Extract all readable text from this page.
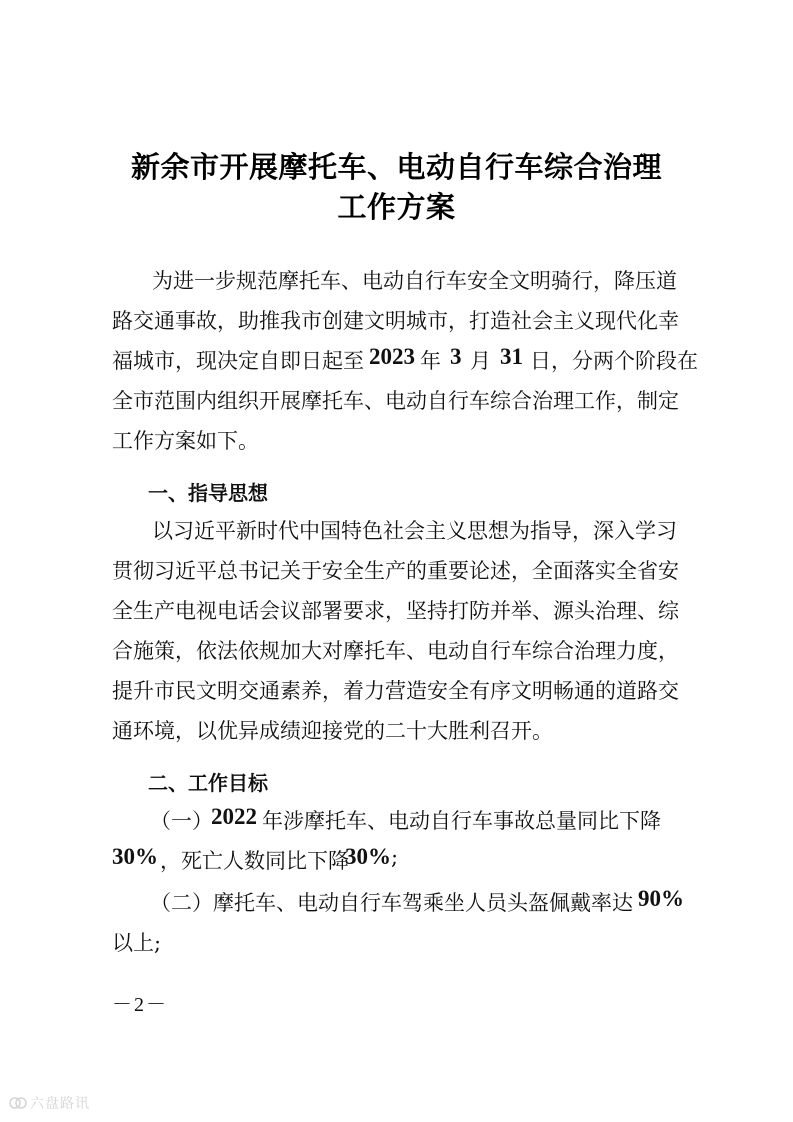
新余市开展摩托车、电动自行车综合治理
工作方案
为进一步规范摩托车、电动自行车安全文明骑行，降压道
路交通事故，助推我市创建文明城市，打造社会主义现代化幸
福城市，现决定自即日起至 2023 年 3 月 31 日，分两个阶段在
全市范围内组织开展摩托车、电动自行车综合治理工作，制定
工作方案如下。
一、指导思想
以习近平新时代中国特色社会主义思想为指导，深入学习
贯彻习近平总书记关于安全生产的重要论述，全面落实全省安
全生产电视电话会议部署要求，坚持打防并举、源头治理、综
合施策，依法依规加大对摩托车、电动自行车综合治理力度，
提升市民文明交通素养，着力营造安全有序文明畅通的道路交
通环境，以优异成绩迎接党的二十大胜利召开。
二、工作目标
（一）
2022 年涉摩托车、电动自行车事故总量同比下降
30% ，死亡人数同比下降
30% ;
（二）摩托车、电动自行车驾乘坐人员头盔佩戴率达 90%
以上;
－2－
六盘路讯
